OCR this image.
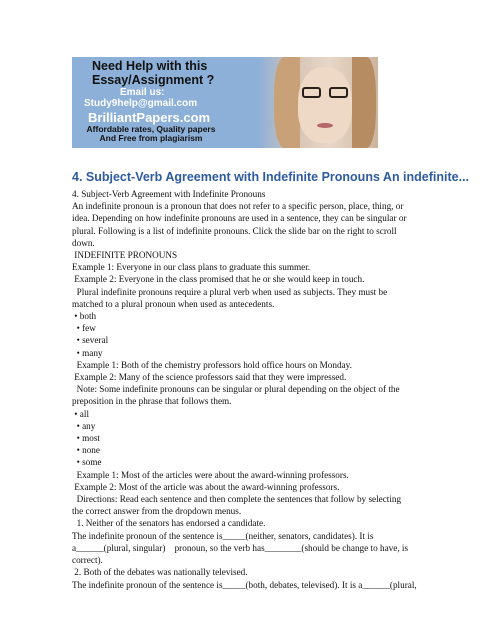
Need Help with this
Essay/Assignment ?
Email us:
Study9help@gmail.com
BrilliantPapers.com
Affordable rates, Quality papers And Free from plagiarism
4. Subject-Verb Agreement with Indefinite Pronouns An indefinite...
4. Subject-Verb Agreement with Indefinite Pronouns
An indefinite pronoun is a pronoun that does not refer to a specific person, place, thing, or
idea. Depending on how indefinite pronouns are used in a sentence, they can be singular or
plural. Following is a list of indefinite pronouns. Click the slide bar on the right to scroll
down.
INDEFINITE PRONOUNS
Example 1: Everyone in our class plans to graduate this summer.
Example 2: Everyone in the class promised that he or she would keep in touch.
Plural indefinite pronouns require a plural verb when used as subjects. They must be
matched to a plural pronoun when used as antecedents.
• both
• few
• several
• many
Example 1: Both of the chemistry professors hold office hours on Monday.
Example 2: Many of the science professors said that they were impressed.
Note: Some indefinite pronouns can be singular or plural depending on the object of the
preposition in the phrase that follows them.
• all
• any
• most
• none
• some
Example 1: Most of the articles were about the award-winning professors.
Example 2: Most of the article was about the award-winning professors.
Directions: Read each sentence and then complete the sentences that follow by selecting
the correct answer from the dropdown menus.
1. Neither of the senators has endorsed a candidate.
The indefinite pronoun of the sentence is_____(neither, senators, candidates). It is
a______(plural, singular)    pronoun, so the verb has________(should be change to have, is
correct).
2. Both of the debates was nationally televised.
The indefinite pronoun of the sentence is_____(both, debates, televised). It is a______(plural,
